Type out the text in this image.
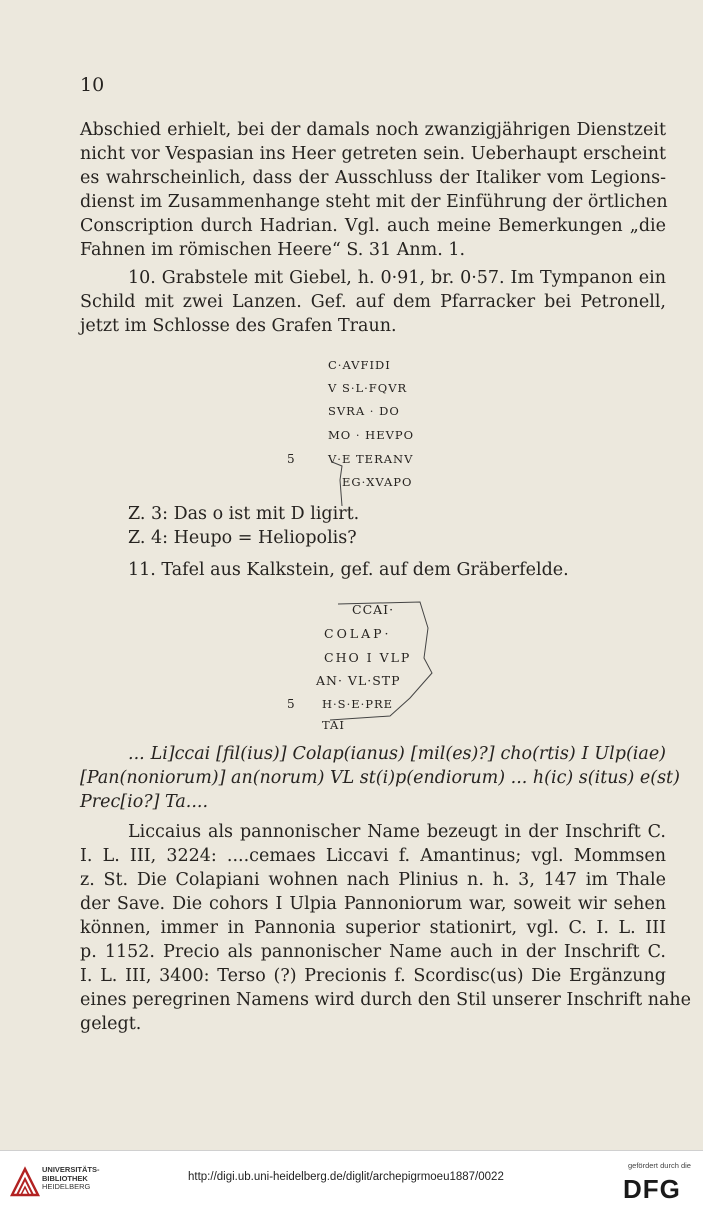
10

Abschied erhielt, bei der damals noch zwanzigjährigen Dienstzeit
nicht vor Vespasian ins Heer getreten sein. Ueberhaupt erscheint
es wahrscheinlich, dass der Ausschluss der Italiker vom Legions-
dienst im Zusammenhange steht mit der Einführung der örtlichen
Conscription durch Hadrian. Vgl. auch meine Bemerkungen „die
Fahnen im römischen Heere“ S. 31 Anm. 1.

10. Grabstele mit Giebel, h. 0·91, br. 0·57. Im Tympanon ein
Schild mit zwei Lanzen. Gef. auf dem Pfarracker bei Petronell,
jetzt im Schlosse des Grafen Traun.

C·AVFIDI
V S·L·FQVR
SVRA · DO
MO · HEVPO
5	V·E TERANV
EG·XVAPO
Z. 3: Das o ist mit D ligirt.
Z. 4: Heupo = Heliopolis?
11. Tafel aus Kalkstein, gef. auf dem Gräberfelde.
CCAI·
COLAP·
CHO I VLP
AN· VL·STP
5 H·S·E·PRE
TAI

... Li]ccai [fil(ius)] Colap(ianus) [mil(es)?] cho(rtis) I Ulp(iae)
[Pan(noniorum)] an(norum) VL st(i)p(endiorum) ... h(ic) s(itus) e(st)
Prec[io?] Ta....

Liccaius als pannonischer Name bezeugt in der Inschrift C.
I. L. III, 3224: ....cemaes Liccavi f. Amantinus; vgl. Mommsen
z. St. Die Colapiani wohnen nach Plinius n. h. 3, 147 im Thale
der Save. Die cohors I Ulpia Pannoniorum war, soweit wir sehen
können, immer in Pannonia superior stationirt, vgl. C. I. L. III
p. 1152. Precio als pannonischer Name auch in der Inschrift C.
I. L. III, 3400: Terso (?) Precionis f. Scordisc(us) Die Ergänzung
eines peregrinen Namens wird durch den Stil unserer Inschrift nahe
gelegt.

UNIVERSITÄTS-
BIBLIOTHEK
HEIDELBERG
http://digi.ub.uni-heidelberg.de/diglit/archepigrmoeu1887/0022
gefördert durch die
DFG
